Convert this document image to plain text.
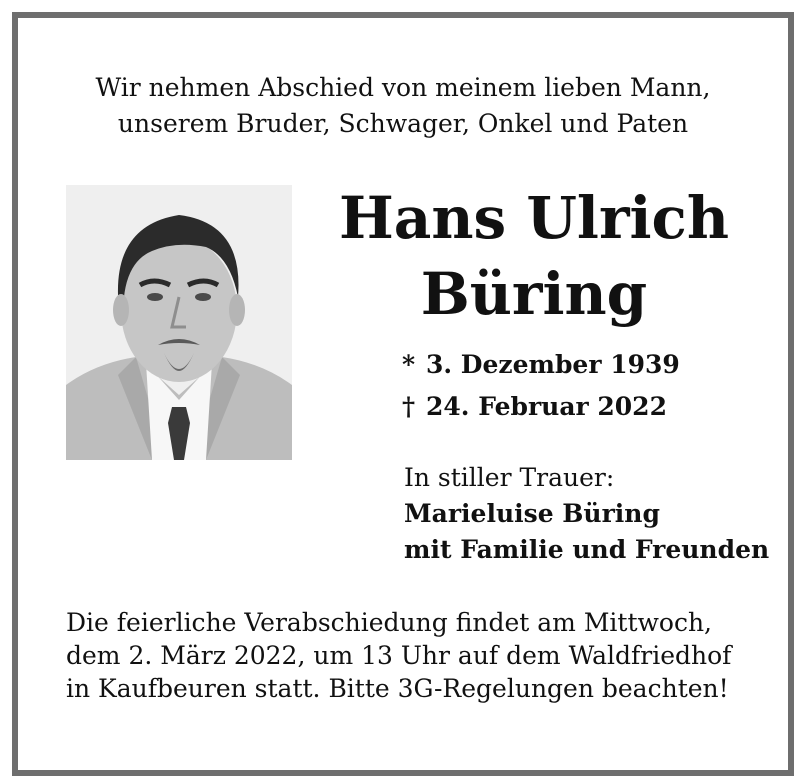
Wir nehmen Abschied von meinem lieben Mann,
unserem Bruder, Schwager, Onkel und Paten
Hans Ulrich
Büring
* 3. Dezember 1939
† 24. Februar 2022
In stiller Trauer:
Marieluise Büring
mit Familie und Freunden
Die feierliche Verabschiedung findet am Mittwoch,
dem 2. März 2022, um 13 Uhr auf dem Waldfriedhof
in Kaufbeuren statt. Bitte 3G-Regelungen beachten!
